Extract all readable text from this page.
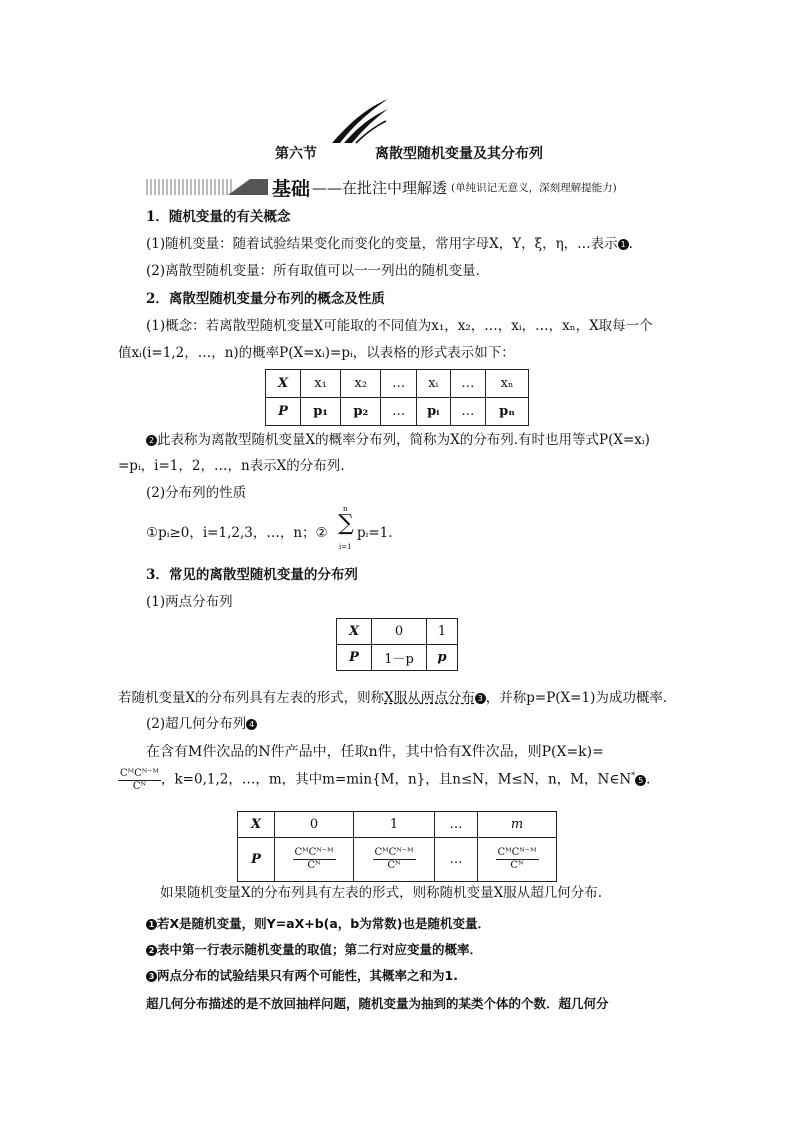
第六节	离散型随机变量及其分布列
基础 ——在批注中理解透 (单纯识记无意义，深刻理解提能力)
1．随机变量的有关概念
(1)随机变量：随着试验结果变化而变化的变量，常用字母X，Y，ξ，η，…表示 1 .
(2)离散型随机变量：所有取值可以一一列出的随机变量．
2．离散型随机变量分布列的概念及性质
(1)概念：若离散型随机变量X可能取的不同值为x₁，x₂，…，xᵢ，…，xₙ，X取每一个
值xᵢ(i=1,2，…，n)的概率P(X=xᵢ)=pᵢ，以表格的形式表示如下：
X	x₁	x₂	…	xᵢ	…	xₙ
P	p₁	p₂	…	pᵢ	…	pₙ
2 此表称为离散型随机变量X的概率分布列，简称为X的分布列.有时也用等式P(X=xᵢ)
=pᵢ，i=1，2，…，n表示X的分布列.
(2)分布列的性质
①pᵢ≥0，i=1,2,3，…，n；②
n
∑
i=1
pᵢ=1.
3．常见的离散型随机变量的分布列
(1)两点分布列
X	0	1
P	1－p	p
若随机变量X的分布列具有左表的形式，则称X服从两点分布 3 ，并称p=P(X=1)为成功概率.
(2)超几何分布列 4
在含有M件次品的N件产品中，任取n件，其中恰有X件次品，则P(X=k)=
$\frac{\text{CᴹCᴺ⁻ᴹ}}{\text{Cᴺ}}$ ，k=0,1,2，…，m，其中m=min{M，n}，且n≤N，M≤N，n，M，N∈N* 5 .
X	0	1	…	m
P	$\frac{\text{CᴹCᴺ⁻ᴹ}}{\text{Cᴺ}}$	$\frac{\text{CᴹCᴺ⁻ᴹ}}{\text{Cᴺ}}$	…	$\frac{\text{CᴹCᴺ⁻ᴹ}}{\text{Cᴺ}}$
如果随机变量X的分布列具有左表的形式，则称随机变量X服从超几何分布.
1 若X是随机变量，则Y=aX+b(a，b为常数)也是随机变量．
2 表中第一行表示随机变量的取值；第二行对应变量的概率．
3 两点分布的试验结果只有两个可能性，其概率之和为1.
超几何分布描述的是不放回抽样问题，随机变量为抽到的某类个体的个数．超几何分
